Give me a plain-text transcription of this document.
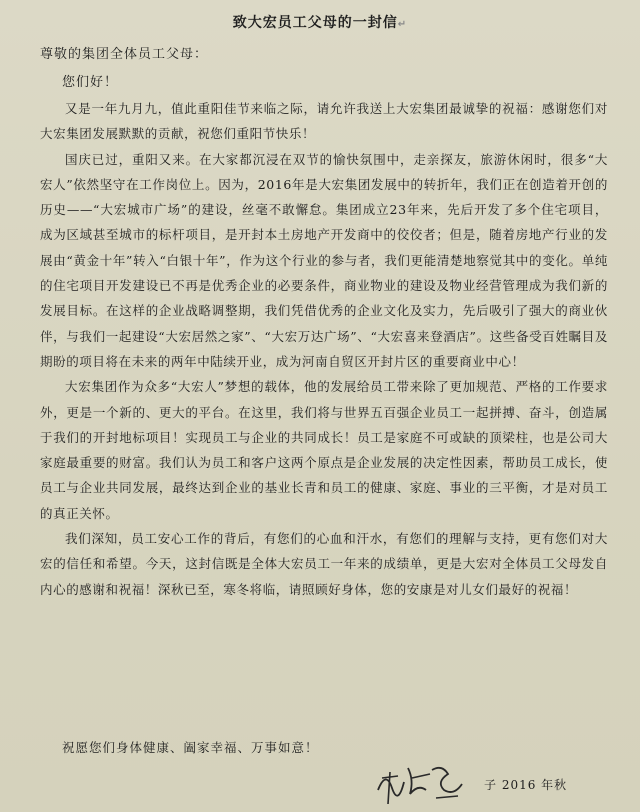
致大宏员工父母的一封信↵
尊敬的集团全体员工父母：
您们好！

又是一年九月九，值此重阳佳节来临之际，请允许我送上大宏集团最诚挚的祝福：感谢您们对大宏集团发展默默的贡献，祝您们重阳节快乐！

国庆已过，重阳又来。在大家都沉浸在双节的愉快氛围中，走亲探友，旅游休闲时，很多“大宏人”依然坚守在工作岗位上。因为，2016年是大宏集团发展中的转折年，我们正在创造着开创的历史——“大宏城市广场”的建设，丝毫不敢懈怠。集团成立23年来，先后开发了多个住宅项目，成为区域甚至城市的标杆项目，是开封本土房地产开发商中的佼佼者；但是，随着房地产行业的发展由“黄金十年”转入“白银十年”，作为这个行业的参与者，我们更能清楚地察觉其中的变化。单纯的住宅项目开发建设已不再是优秀企业的必要条件，商业物业的建设及物业经营管理成为我们新的发展目标。在这样的企业战略调整期，我们凭借优秀的企业文化及实力，先后吸引了强大的商业伙伴，与我们一起建设“大宏居然之家”、“大宏万达广场”、“大宏喜来登酒店”。这些备受百姓瞩目及期盼的项目将在未来的两年中陆续开业，成为河南自贸区开封片区的重要商业中心！

大宏集团作为众多“大宏人”梦想的载体，他的发展给员工带来除了更加规范、严格的工作要求外，更是一个新的、更大的平台。在这里，我们将与世界五百强企业员工一起拼搏、奋斗，创造属于我们的开封地标项目！实现员工与企业的共同成长！员工是家庭不可或缺的顶梁柱，也是公司大家庭最重要的财富。我们认为员工和客户这两个原点是企业发展的决定性因素，帮助员工成长，使员工与企业共同发展，最终达到企业的基业长青和员工的健康、家庭、事业的三平衡，才是对员工的真正关怀。

我们深知，员工安心工作的背后，有您们的心血和汗水，有您们的理解与支持，更有您们对大宏的信任和希望。今天，这封信既是全体大宏员工一年来的成绩单，更是大宏对全体员工父母发自内心的感谢和祝福！深秋已至，寒冬将临，请照顾好身体，您的安康是对儿女们最好的祝福！

祝愿您们身体健康、阖家幸福、万事如意！
子 2016 年秋
